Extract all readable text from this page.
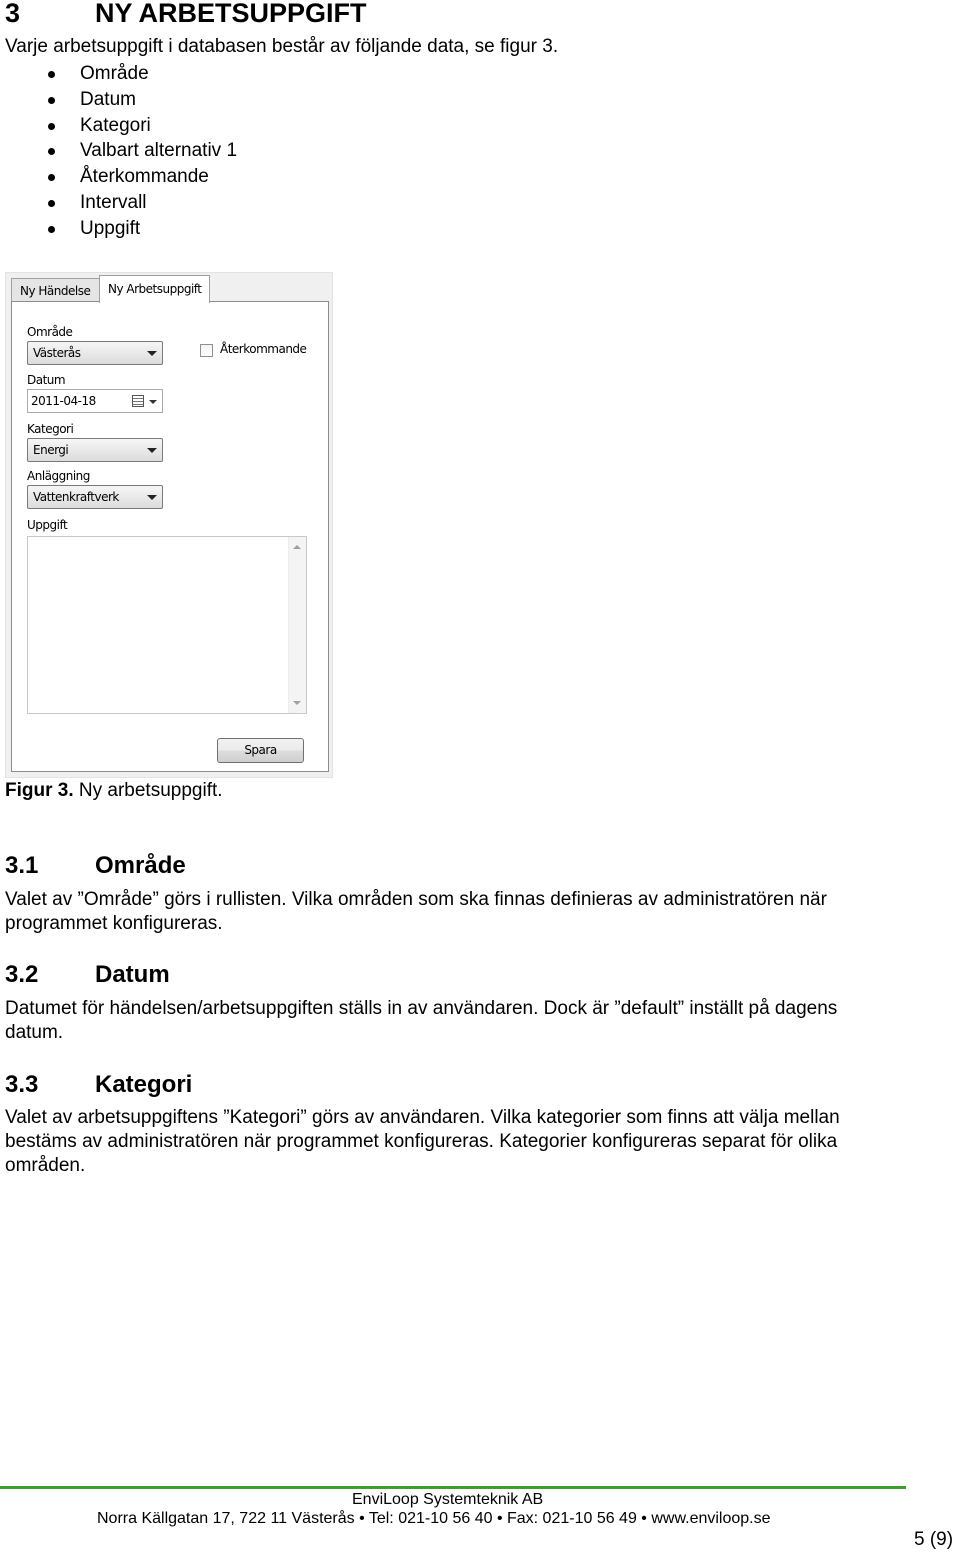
3	NY ARBETSUPPGIFT
Varje arbetsuppgift i databasen består av följande data, se figur 3.
Område
Datum
Kategori
Valbart alternativ 1
Återkommande
Intervall
Uppgift
Ny Händelse	Ny Arbetsuppgift
Område
Västerås	Återkommande
Datum
2011-04-18
Kategori
Energi
Anläggning
Vattenkraftverk
Uppgift
Spara
Figur 3. Ny arbetsuppgift.
3.1 Område
Valet av ”Område” görs i rullisten. Vilka områden som ska finnas definieras av administratören när
programmet konfigureras.
3.2 Datum
Datumet för händelsen/arbetsuppgiften ställs in av användaren. Dock är ”default” inställt på dagens
datum.
3.3 Kategori
Valet av arbetsuppgiftens ”Kategori” görs av användaren. Vilka kategorier som finns att välja mellan
bestäms av administratören när programmet konfigureras. Kategorier konfigureras separat för olika
områden.
EnviLoop Systemteknik AB
Norra Källgatan 17, 722 11 Västerås • Tel: 021-10 56 40 • Fax: 021-10 56 49 • www.enviloop.se
5 (9)
